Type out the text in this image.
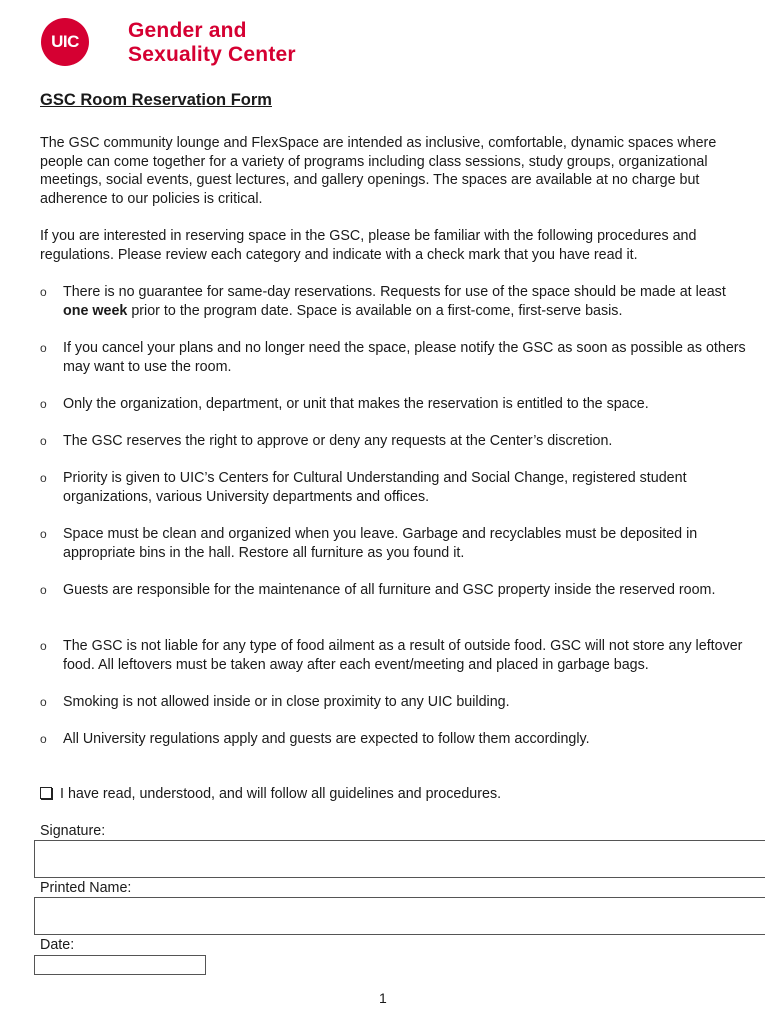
UIC	Gender and
Sexuality Center
GSC Room Reservation Form
The GSC community lounge and FlexSpace are intended as inclusive, comfortable, dynamic spaces where people can come together for a variety of programs including class sessions, study groups, organizational meetings, social events, guest lectures, and gallery openings. The spaces are available at no charge but adherence to our policies is critical.
If you are interested in reserving space in the GSC, please be familiar with the following procedures and regulations. Please review each category and indicate with a check mark that you have read it.
o	There is no guarantee for same-day reservations. Requests for use of the space should be made at least one week prior to the program date. Space is available on a first-come, first-serve basis.
o	If you cancel your plans and no longer need the space, please notify the GSC as soon as possible as others may want to use the room.
o	Only the organization, department, or unit that makes the reservation is entitled to the space.
o	The GSC reserves the right to approve or deny any requests at the Center’s discretion.
o	Priority is given to UIC’s Centers for Cultural Understanding and Social Change, registered student organizations, various University departments and offices.
o	Space must be clean and organized when you leave. Garbage and recyclables must be deposited in appropriate bins in the hall. Restore all furniture as you found it.
o	Guests are responsible for the maintenance of all furniture and GSC property inside the reserved room.
o	The GSC is not liable for any type of food ailment as a result of outside food. GSC will not store any leftover food. All leftovers must be taken away after each event/meeting and placed in garbage bags.
o	Smoking is not allowed inside or in close proximity to any UIC building.
o	All University regulations apply and guests are expected to follow them accordingly.
I have read, understood, and will follow all guidelines and procedures.
Signature:
Printed Name:
Date:
1
